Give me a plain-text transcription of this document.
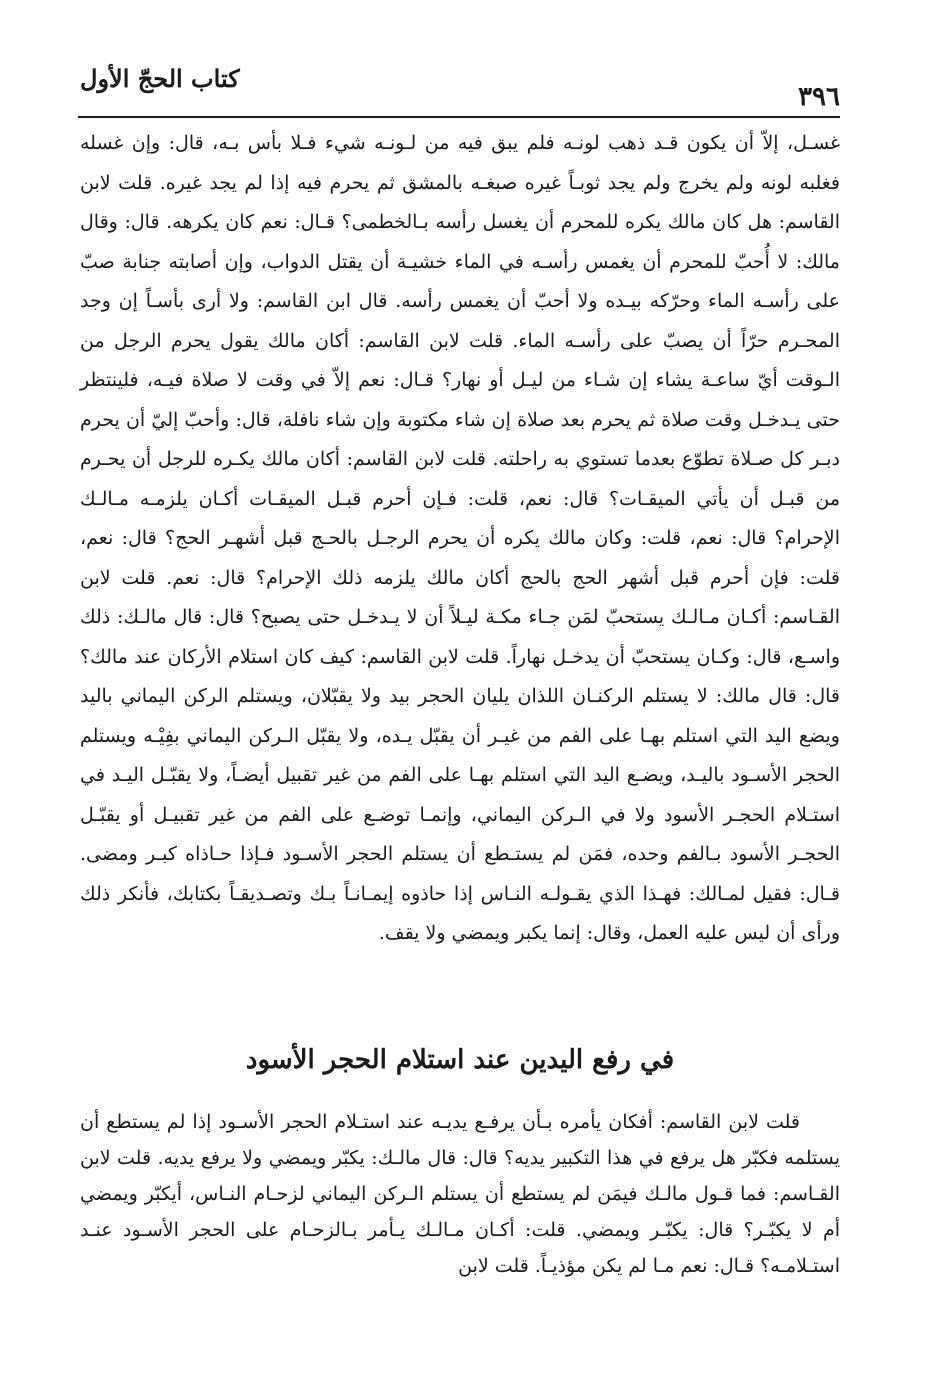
٣٩٦
كتاب الحجّ الأول

غسـل، إلاّ أن يكون قـد ذهب لونـه فلم يبق فيه من لـونـه شيء فـلا بأس بـه، قال: وإن غسله فغلبه لونه ولم يخرج ولم يجد ثوبـاً غيره صبغـه بالمشق ثم يحرم فيه إذا لم يجد غيره. قلت لابن القاسم: هل كان مالك يكره للمحرم أن يغسل رأسه بـالخطمى؟ قـال: نعم كان يكرهه. قال: وقال مالك: لا أُحبّ للمحرم أن يغمس رأسـه في الماء خشيـة أن يقتل الدواب، وإن أصابته جنابة صبّ على رأسـه الماء وحرّكه بيـده ولا أحبّ أن يغمس رأسه. قال ابن القاسم: ولا أرى بأسـاً إن وجد المحـرم حرّاً أن يصبّ على رأسـه الماء. قلت لابن القاسم: أكان مالك يقول يحرم الرجل من الـوقت أيّ ساعـة يشاء إن شـاء من ليـل أو نهار؟ قـال: نعم إلاّ في وقت لا صلاة فيـه، فلينتظر حتى يـدخـل وقت صلاة ثم يحرم بعد صلاة إن شاء مكتوبة وإن شاء نافلة، قال: وأحبّ إليّ أن يحرم دبـر كل صـلاة تطوّع بعدما تستوي به راحلته. قلت لابن القاسم: أكان مالك يكـره للرجل أن يحـرم من قبـل أن يأتي الميقـات؟ قال: نعم، قلت: فـإن أحرم قبـل الميقـات أكـان يلزمـه مـالـك الإحرام؟ قال: نعم، قلت: وكان مالك يكره أن يحرم الرجـل بالحـج قبل أشهـر الحج؟ قال: نعم، قلت: فإن أحرم قبل أشهر الحج بالحج أكان مالك يلزمه ذلك الإحرام؟ قال: نعم. قلت لابن القـاسم: أكـان مـالـك يستحبّ لمَن جـاء مكـة ليـلاً أن لا يـدخـل حتى يصبح؟ قال: قال مالـك: ذلك واسـع، قال: وكـان يستحبّ أن يدخـل نهاراً. قلت لابن القاسم: كيف كان استلام الأركان عند مالك؟ قال: قال مالك: لا يستلم الركنـان اللذان يليان الحجر بيد ولا يقبّلان، ويستلم الركن اليماني باليد ويضع اليد التي استلم بهـا على الفم من غيـر أن يقبّل يـده، ولا يقبّل الـركن اليماني بفِيْـه ويستلم الحجر الأسـود باليـد، ويضـع اليد التي استلم بهـا على الفم من غير تقبيل أيضـاً، ولا يقبّـل اليـد في استـلام الحجـر الأسود ولا في الـركن اليماني، وإنمـا توضـع على الفم من غير تقبيـل أو يقبّـل الحجـر الأسود بـالفم وحده، فمَن لم يستـطع أن يستلم الحجر الأسـود فـإذا حـاذاه كبـر ومضى. قـال: فقيل لمـالك: فهـذا الذي يقـولـه النـاس إذا حاذوه إيمـانـاً بـك وتصـديقـاً بكتابك، فأنكر ذلك ورأى أن ليس عليه العمل، وقال: إنما يكبر ويمضي ولا يقف.

في رفع اليدين عند استلام الحجر الأسود

قلت لابن القاسم: أفكان يأمره بـأن يرفـع يديـه عند استـلام الحجر الأسـود إذا لم يستطع أن يستلمه فكبّر هل يرفع في هذا التكبير يديه؟ قال: قال مالـك: يكبّر ويمضي ولا يرفع يديه. قلت لابن القـاسم: فما قـول مالـك فيمَن لم يستطع أن يستلم الـركن اليماني لزحـام النـاس، أيكبّر ويمضي أم لا يكبّـر؟ قال: يكبّـر ويمضي. قلت: أكـان مـالـك يـأمر بـالزحـام على الحجر الأسـود عنـد استـلامـه؟ قـال: نعم مـا لم يكن مؤذيـاً. قلت لابن
